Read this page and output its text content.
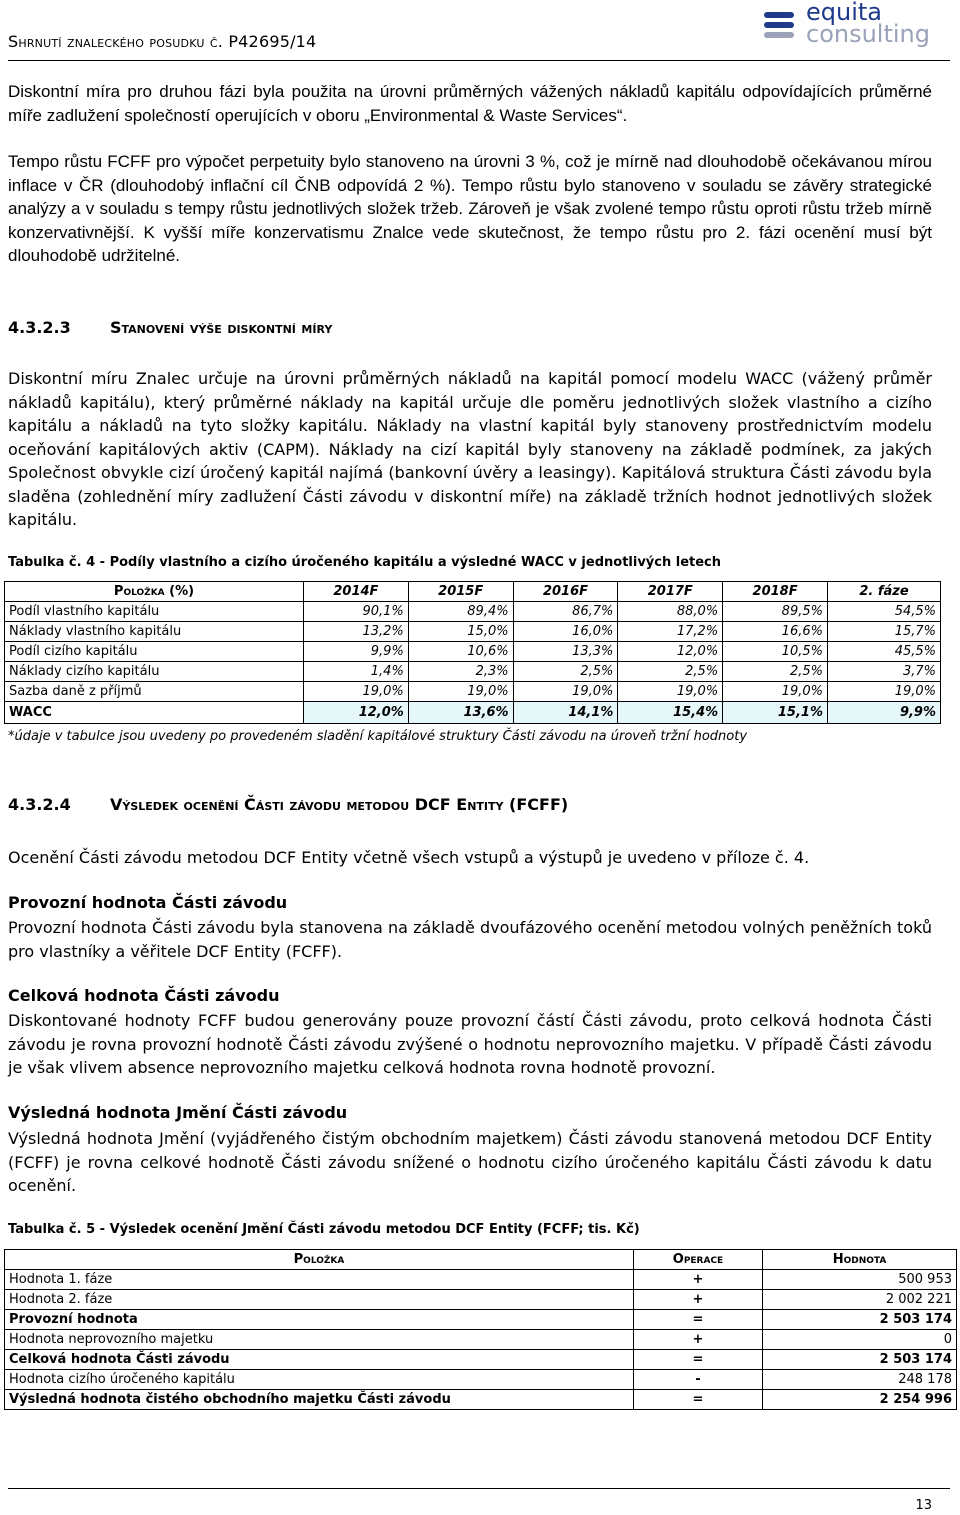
Shrnutí znaleckého posudku č. P42695/14
equita
consulting
Diskontní míra pro druhou fázi byla použita na úrovni průměrných vážených nákladů kapitálu odpovídajících průměrné míře zadlužení společností operujících v oboru „Environmental & Waste Services“.
Tempo růstu FCFF pro výpočet perpetuity bylo stanoveno na úrovni 3 %, což je mírně nad dlouhodobě očekávanou mírou inflace v ČR (dlouhodobý inflační cíl ČNB odpovídá 2 %). Tempo růstu bylo stanoveno v souladu se závěry strategické analýzy a v souladu s tempy růstu jednotlivých složek tržeb. Zároveň je však zvolené tempo růstu oproti růstu tržeb mírně konzervativnější. K vyšší míře konzervatismu Znalce vede skutečnost, že tempo růstu pro 2. fázi ocenění musí být dlouhodobě udržitelné.
4.3.2.3 Stanovení výše diskontní míry
Diskontní míru Znalec určuje na úrovni průměrných nákladů na kapitál pomocí modelu WACC (vážený průměr nákladů kapitálu), který průměrné náklady na kapitál určuje dle poměru jednotlivých složek vlastního a cizího kapitálu a nákladů na tyto složky kapitálu. Náklady na vlastní kapitál byly stanoveny prostřednictvím modelu oceňování kapitálových aktiv (CAPM). Náklady na cizí kapitál byly stanoveny na základě podmínek, za jakých Společnost obvykle cizí úročený kapitál najímá (bankovní úvěry a leasingy). Kapitálová struktura Části závodu byla sladěna (zohlednění míry zadlužení Části závodu v diskontní míře) na základě tržních hodnot jednotlivých složek kapitálu.
Tabulka č. 4 - Podíly vlastního a cizího úročeného kapitálu a výsledné WACC v jednotlivých letech
Položka (%)	2014F	2015F	2016F	2017F	2018F	2. fáze
Podíl vlastního kapitálu	90,1%	89,4%	86,7%	88,0%	89,5%	54,5%
Náklady vlastního kapitálu	13,2%	15,0%	16,0%	17,2%	16,6%	15,7%
Podíl cizího kapitálu	9,9%	10,6%	13,3%	12,0%	10,5%	45,5%
Náklady cizího kapitálu	1,4%	2,3%	2,5%	2,5%	2,5%	3,7%
Sazba daně z příjmů	19,0%	19,0%	19,0%	19,0%	19,0%	19,0%
WACC	12,0%	13,6%	14,1%	15,4%	15,1%	9,9%
*údaje v tabulce jsou uvedeny po provedeném sladění kapitálové struktury Části závodu na úroveň tržní hodnoty
4.3.2.4 Výsledek ocenění Části závodu metodou DCF Entity (FCFF)
Ocenění Části závodu metodou DCF Entity včetně všech vstupů a výstupů je uvedeno v příloze č. 4.
Provozní hodnota Části závodu
Provozní hodnota Části závodu byla stanovena na základě dvoufázového ocenění metodou volných peněžních toků pro vlastníky a věřitele DCF Entity (FCFF).
Celková hodnota Části závodu
Diskontované hodnoty FCFF budou generovány pouze provozní částí Části závodu, proto celková hodnota Části závodu je rovna provozní hodnotě Části závodu zvýšené o hodnotu neprovozního majetku. V případě Části závodu je však vlivem absence neprovozního majetku celková hodnota rovna hodnotě provozní.
Výsledná hodnota Jmění Části závodu
Výsledná hodnota Jmění (vyjádřeného čistým obchodním majetkem) Části závodu stanovená metodou DCF Entity (FCFF) je rovna celkové hodnotě Části závodu snížené o hodnotu cizího úročeného kapitálu Části závodu k datu ocenění.
Tabulka č. 5 - Výsledek ocenění Jmění Části závodu metodou DCF Entity (FCFF; tis. Kč)
Položka	Operace	Hodnota
Hodnota 1. fáze	+	500 953
Hodnota 2. fáze	+	2 002 221
Provozní hodnota	=	2 503 174
Hodnota neprovozního majetku	+	0
Celková hodnota Části závodu	=	2 503 174
Hodnota cizího úročeného kapitálu	-	248 178
Výsledná hodnota čistého obchodního majetku Části závodu	=	2 254 996
13
